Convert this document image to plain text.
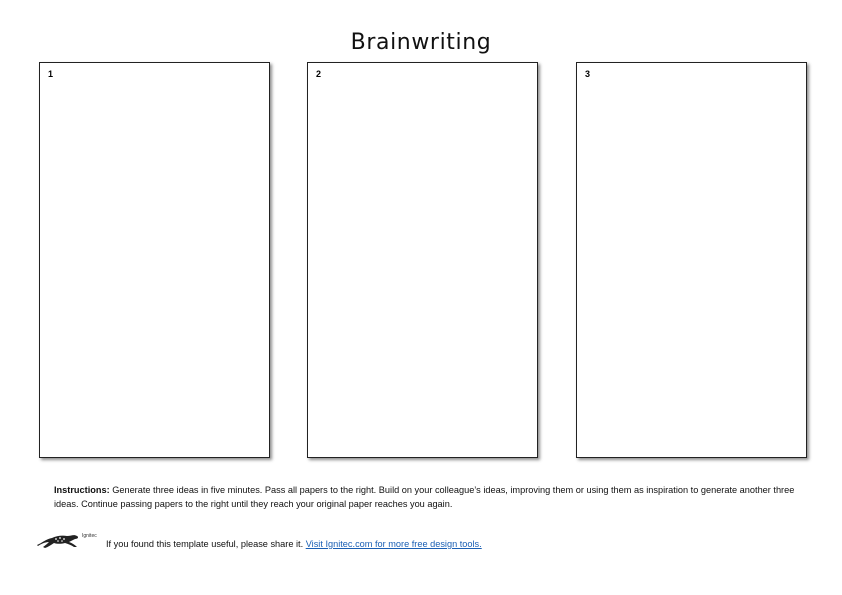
Brainwriting
1	2	3
Instructions: Generate three ideas in five minutes. Pass all papers to the right. Build on your colleague’s ideas, improving them or using them as inspiration to generate another three ideas. Continue passing papers to the right until they reach your original paper reaches you again.
Ignitec
If you found this template useful, please share it. Visit Ignitec.com for more free design tools.
